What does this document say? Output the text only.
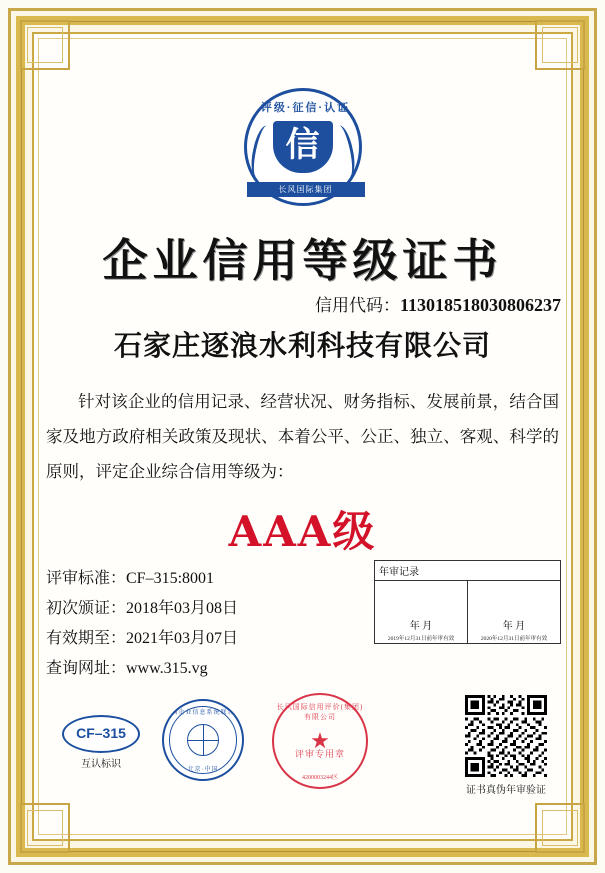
评级·征信·认证
信
长风国际集团
企业信用等级证书
信用代码：113018518030806237
石家庄逐浪水利科技有限公司
针对该企业的信用记录、经营状况、财务指标、发展前景，结合国家及地方政府相关政策及现状、本着公平、公正、独立、客观、科学的原则，评定企业综合信用等级为：
AAA级
评审标准：CF–315:8001
初次颁证：2018年03月08日
有效期至：2021年03月07日
查询网址：www.315.vg
年审记录
年 月
2019年12月31日前年审有效
年 月
2020年12月31日前年审有效
CF–315
互认标识
中国企业信息系统联合会
北京·中国
长风国际信用评价(集团)有限公司
★
评审专用章
4200003244区
证书真伪年审验证
